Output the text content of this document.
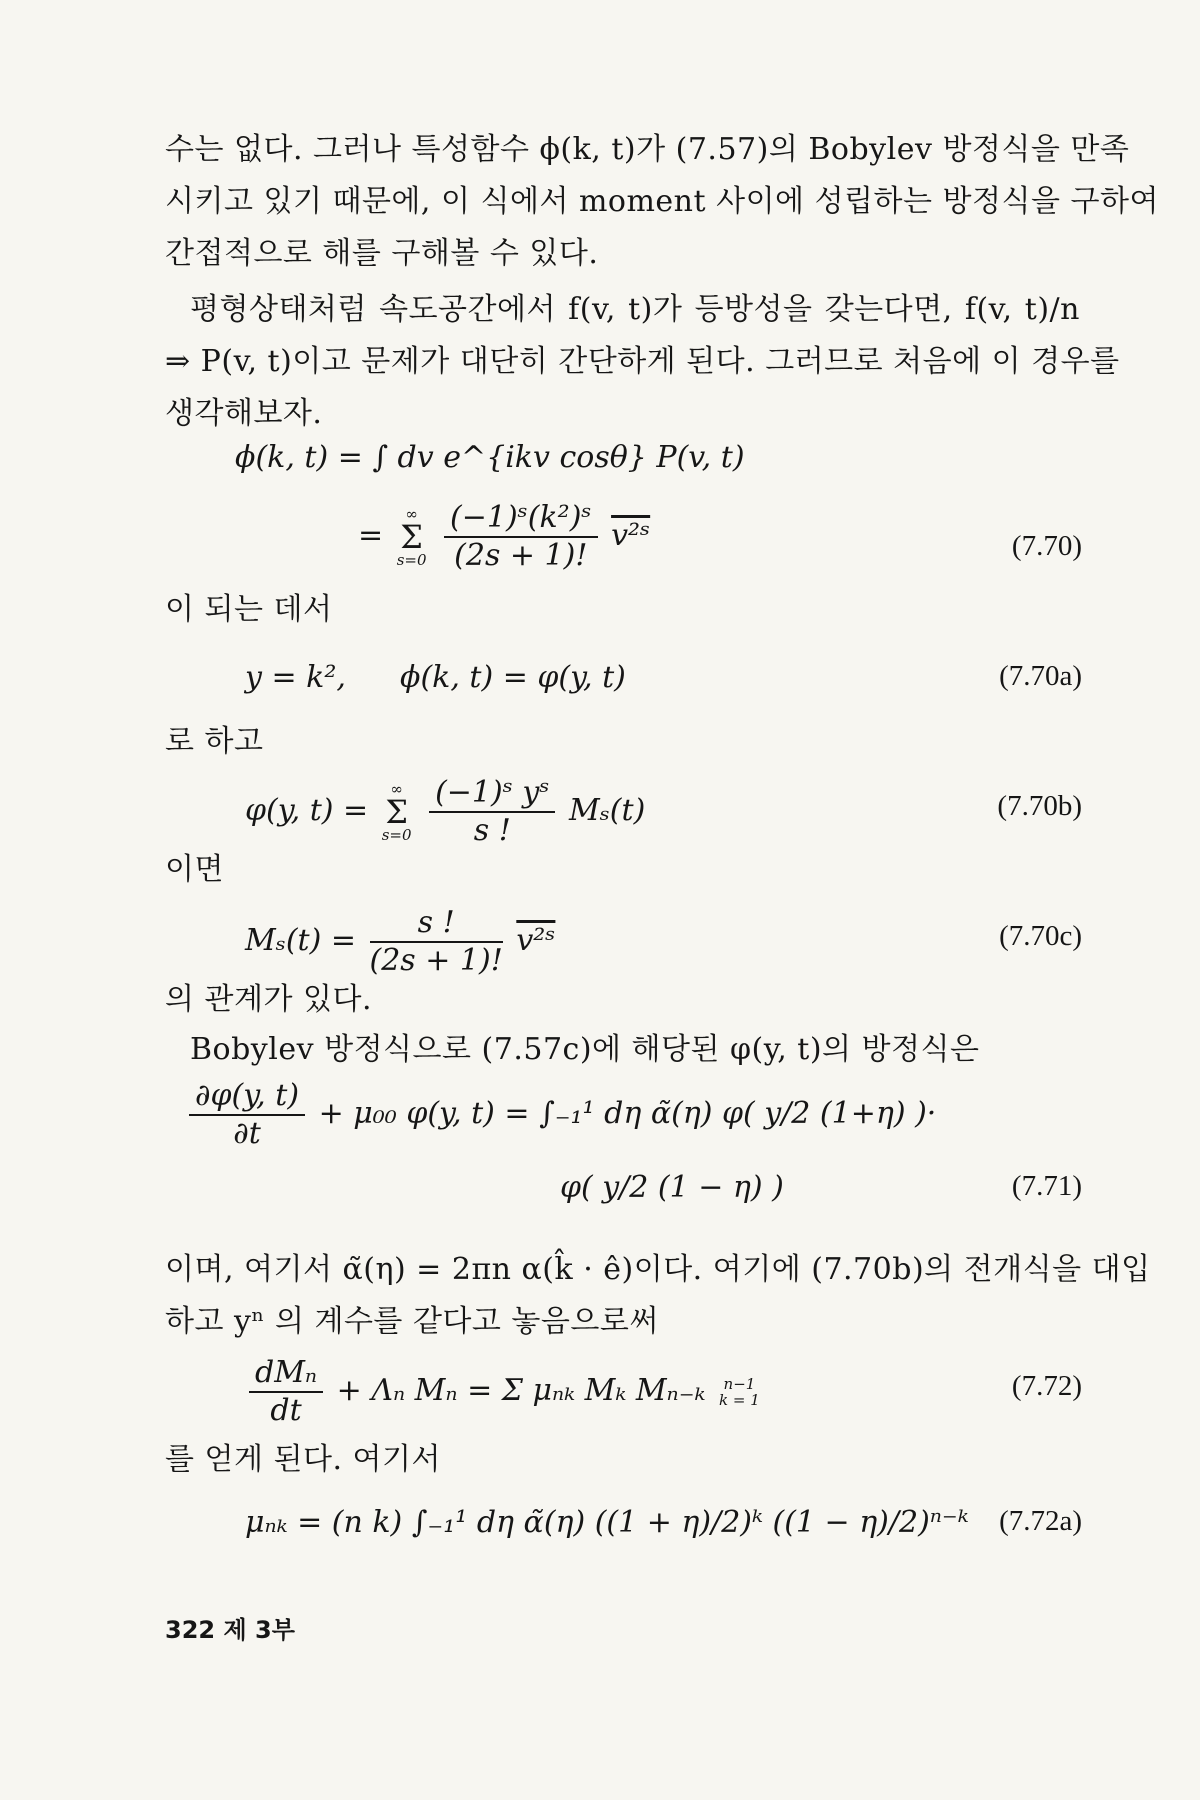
수는 없다. 그러나 특성함수 ϕ(k, t)가 (7.57)의 Bobylev 방정식을 만족
시키고 있기 때문에, 이 식에서 moment 사이에 성립하는 방정식을 구하여
간접적으로 해를 구해볼 수 있다.
평형상태처럼 속도공간에서 f(v, t)가 등방성을 갖는다면, f(v, t)/n
⇒ P(v, t)이고 문제가 대단히 간단하게 된다. 그러므로 처음에 이 경우를
생각해보자.
ϕ(k, t) = ∫ dv e^{ikv cosθ} P(v, t)
=
∞
Σ
s=0
$\frac{\text{(−1)ˢ(k²)ˢ}}{(2s + 1)!}$ v²ˢ	(7.70)
이 되는 데서
y = k², ϕ(k, t) = φ(y, t)	(7.70a)
로 하고
φ(y, t) =
∞
Σ
s=0
$\frac{\text{(−1)ˢ yˢ}}{s !} M_s(t)$	(7.70b)
이면
$M_s(t) = \frac{s !}{(2s + 1)!}$ v²ˢ	(7.70c)
의 관계가 있다.
Bobylev 방정식으로 (7.57c)에 해당된 φ(y, t)의 방정식은
$\frac{\partial\varphi(y, t)}{\partial t} + \mu_{00}$ φ(y, t) = ∫₋₁¹ dη α̃(η) φ( y/2 (1+η) )·
φ( y/2 (1 − η) )	(7.71)
이며, 여기서 α̃(η) = 2πn α(k̂ · ê)이다. 여기에 (7.70b)의 전개식을 대입
하고 yⁿ 의 계수를 같다고 놓음으로써
$\frac{\text{dMₙ}}{dt} + \Lambda_n$ Mₙ = Σ μₙₖ Mₖ Mₙ₋ₖ n−1
k = 1	(7.72)
를 얻게 된다. 여기서
μₙₖ = (n k) ∫₋₁¹ dη α̃(η) ((1 + η)/2)ᵏ ((1 − η)/2)ⁿ⁻ᵏ (7.72a)
322 제 3부
